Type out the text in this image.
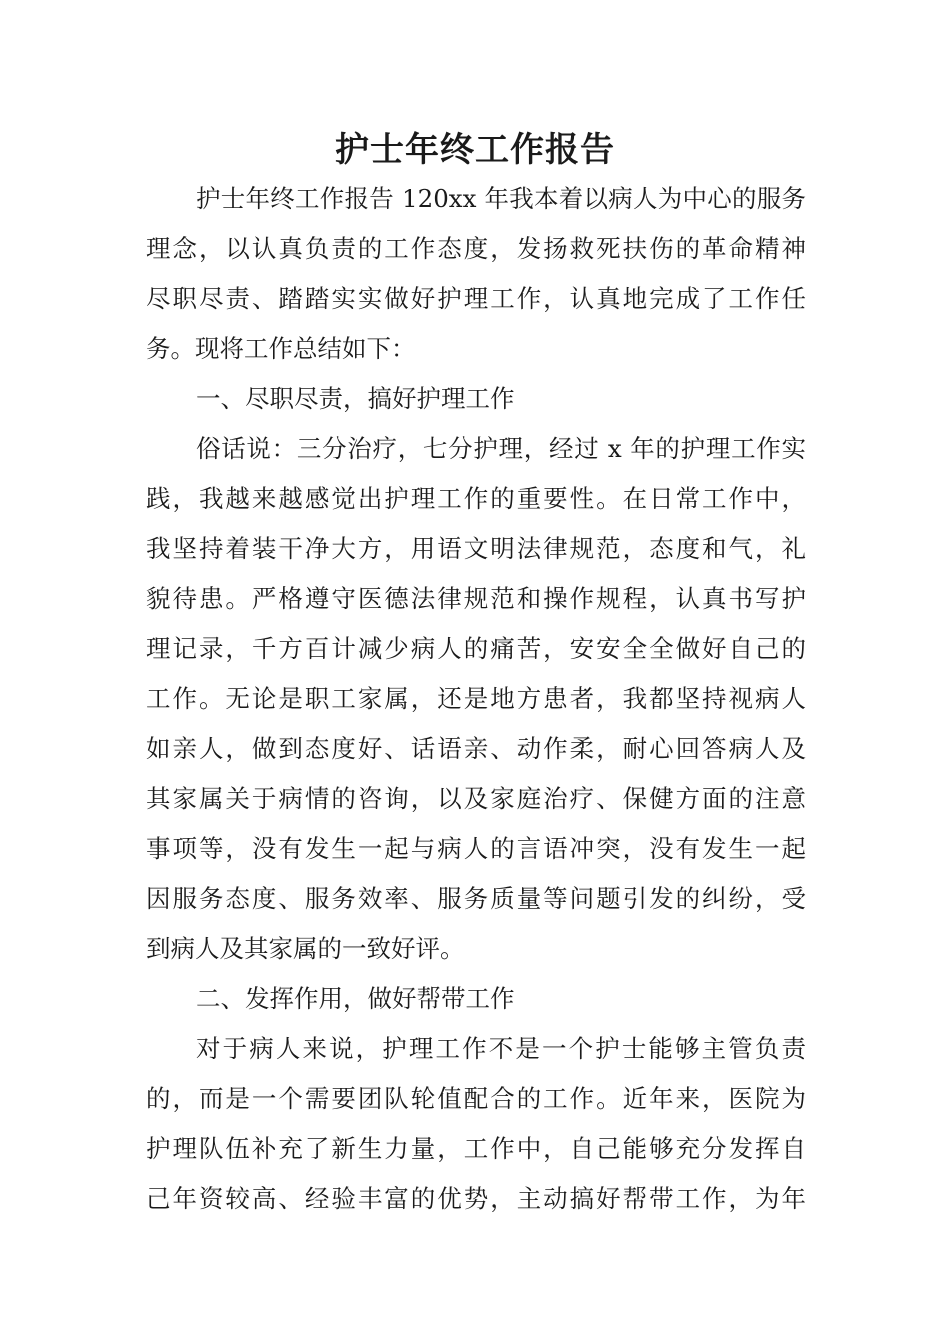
护士年终工作报告
护士年终工作报告 120xx 年我本着以病人为中心的服务
理念，以认真负责的工作态度，发扬救死扶伤的革命精神
尽职尽责、踏踏实实做好护理工作，认真地完成了工作任
务。现将工作总结如下：
一、尽职尽责，搞好护理工作
俗话说：三分治疗，七分护理，经过 x 年的护理工作实
践，我越来越感觉出护理工作的重要性。在日常工作中，
我坚持着装干净大方，用语文明法律规范，态度和气，礼
貌待患。严格遵守医德法律规范和操作规程，认真书写护
理记录，千方百计减少病人的痛苦，安安全全做好自己的
工作。无论是职工家属，还是地方患者，我都坚持视病人
如亲人，做到态度好、话语亲、动作柔，耐心回答病人及
其家属关于病情的咨询，以及家庭治疗、保健方面的注意
事项等，没有发生一起与病人的言语冲突，没有发生一起
因服务态度、服务效率、服务质量等问题引发的纠纷，受
到病人及其家属的一致好评。
二、发挥作用，做好帮带工作
对于病人来说，护理工作不是一个护士能够主管负责
的，而是一个需要团队轮值配合的工作。近年来，医院为
护理队伍补充了新生力量，工作中，自己能够充分发挥自
己年资较高、经验丰富的优势，主动搞好帮带工作，为年
